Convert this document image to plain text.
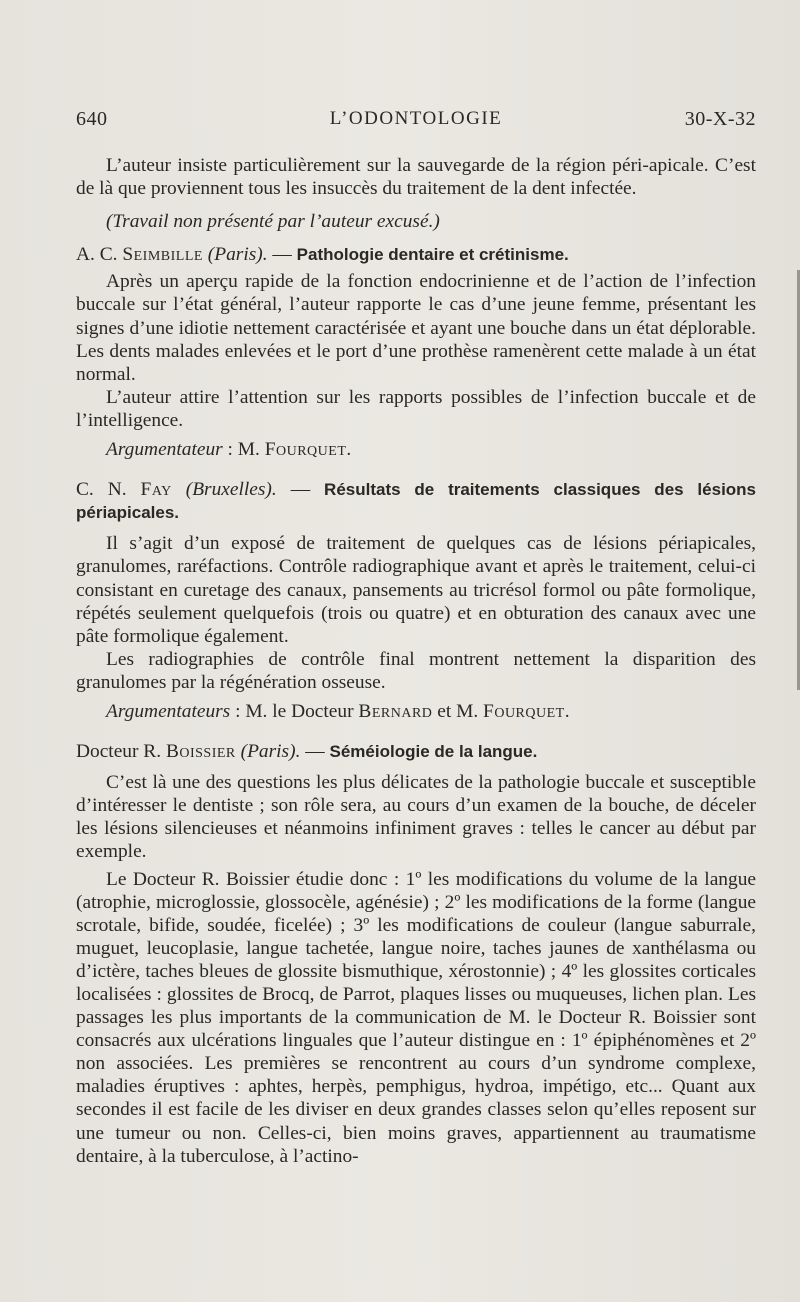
640	L’ODONTOLOGIE	30-X-32

L’auteur insiste particulièrement sur la sauvegarde de la région péri-apicale. C’est de là que proviennent tous les insuccès du traitement de la dent infectée.

(Travail non présenté par l’auteur excusé.)

A. C. Seimbille (Paris). — Pathologie dentaire et crétinisme.

Après un aperçu rapide de la fonction endocrinienne et de l’action de l’infection buccale sur l’état général, l’auteur rapporte le cas d’une jeune femme, présentant les signes d’une idiotie nettement caractérisée et ayant une bouche dans un état déplorable. Les dents malades enlevées et le port d’une prothèse ramenèrent cette malade à un état normal.

L’auteur attire l’attention sur les rapports possibles de l’infection buccale et de l’intelligence.

Argumentateur : M. Fourquet.

C. N. Fay (Bruxelles). — Résultats de traitements classiques des lésions périapicales.

Il s’agit d’un exposé de traitement de quelques cas de lésions périapicales, granulomes, raréfactions. Contrôle radiographique avant et après le traitement, celui-ci consistant en curetage des canaux, pansements au tricrésol formol ou pâte formolique, répétés seulement quelquefois (trois ou quatre) et en obturation des canaux avec une pâte formolique également.

Les radiographies de contrôle final montrent nettement la disparition des granulomes par la régénération osseuse.

Argumentateurs : M. le Docteur Bernard et M. Fourquet.

Docteur R. Boissier (Paris). — Séméiologie de la langue.

C’est là une des questions les plus délicates de la pathologie buccale et susceptible d’intéresser le dentiste ; son rôle sera, au cours d’un examen de la bouche, de déceler les lésions silencieuses et néanmoins infiniment graves : telles le cancer au début par exemple.

Le Docteur R. Boissier étudie donc : 1º les modifications du volume de la langue (atrophie, microglossie, glossocèle, agénésie) ; 2º les modifications de la forme (langue scrotale, bifide, soudée, ficelée) ; 3º les modifications de couleur (langue saburrale, muguet, leucoplasie, langue tachetée, langue noire, taches jaunes de xanthélasma ou d’ictère, taches bleues de glossite bismuthique, xérostonnie) ; 4º les glossites corticales localisées : glossites de Brocq, de Parrot, plaques lisses ou muqueuses, lichen plan. Les passages les plus importants de la communication de M. le Docteur R. Boissier sont consacrés aux ulcérations linguales que l’auteur distingue en : 1º épiphénomènes et 2º non associées. Les premières se rencontrent au cours d’un syndrome complexe, maladies éruptives : aphtes, herpès, pemphigus, hydroa, impétigo, etc... Quant aux secondes il est facile de les diviser en deux grandes classes selon qu’elles reposent sur une tumeur ou non. Celles-ci, bien moins graves, appartiennent au traumatisme dentaire, à la tuberculose, à l’actino-
